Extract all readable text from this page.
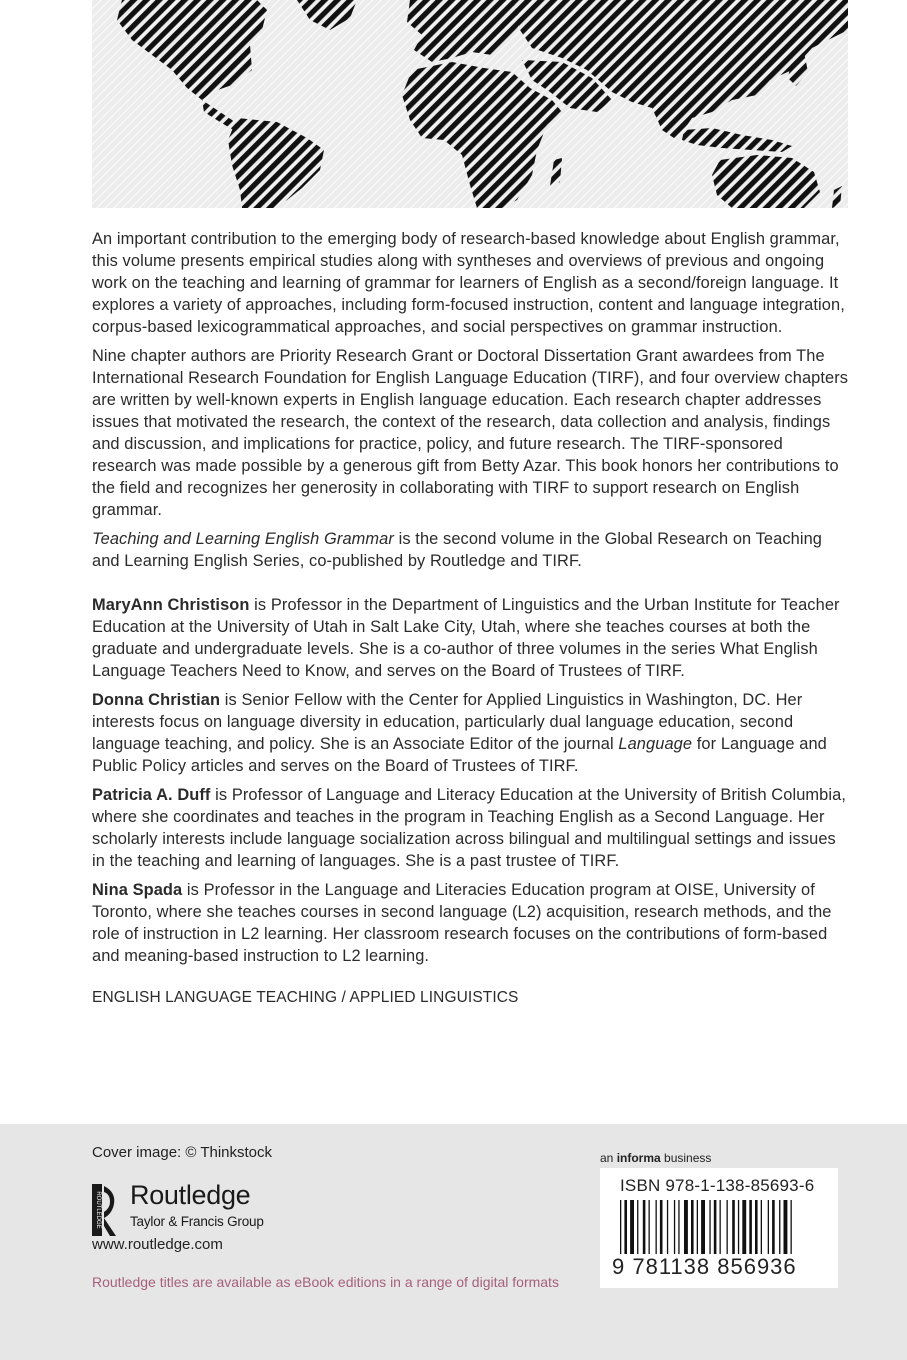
An important contribution to the emerging body of research-based knowledge about English grammar, this volume presents empirical studies along with syntheses and overviews of previous and ongoing work on the teaching and learning of grammar for learners of English as a second/foreign language. It explores a variety of approaches, including form-focused instruction, content and language integration, corpus-based lexicogrammatical approaches, and social perspectives on grammar instruction.

Nine chapter authors are Priority Research Grant or Doctoral Dissertation Grant awardees from The International Research Foundation for English Language Education (TIRF), and four overview chapters are written by well-known experts in English language education. Each research chapter addresses issues that motivated the research, the context of the research, data collection and analysis, findings and discussion, and implications for practice, policy, and future research. The TIRF-sponsored research was made possible by a generous gift from Betty Azar. This book honors her contributions to the field and recognizes her generosity in collaborating with TIRF to support research on English grammar.

Teaching and Learning English Grammar is the second volume in the Global Research on Teaching and Learning English Series, co-published by Routledge and TIRF.

MaryAnn Christison is Professor in the Department of Linguistics and the Urban Institute for Teacher Education at the University of Utah in Salt Lake City, Utah, where she teaches courses at both the graduate and undergraduate levels. She is a co-author of three volumes in the series What English Language Teachers Need to Know, and serves on the Board of Trustees of TIRF.

Donna Christian is Senior Fellow with the Center for Applied Linguistics in Washington, DC. Her interests focus on language diversity in education, particularly dual language education, second language teaching, and policy. She is an Associate Editor of the journal Language for Language and Public Policy articles and serves on the Board of Trustees of TIRF.

Patricia A. Duff is Professor of Language and Literacy Education at the University of British Columbia, where she coordinates and teaches in the program in Teaching English as a Second Language. Her scholarly interests include language socialization across bilingual and multilingual settings and issues in the teaching and learning of languages. She is a past trustee of TIRF.

Nina Spada is Professor in the Language and Literacies Education program at OISE, University of Toronto, where she teaches courses in second language (L2) acquisition, research methods, and the role of instruction in L2 learning. Her classroom research focuses on the contributions of form-based and meaning-based instruction to L2 learning.

ENGLISH LANGUAGE TEACHING / APPLIED LINGUISTICS
Cover image: © Thinkstock
ROUTLEDGE Routledge
Taylor & Francis Group
www.routledge.com
Routledge titles are available as eBook editions in a range of digital formats
an informa business
ISBN 978-1-138-85693-6
9 781138 856936
